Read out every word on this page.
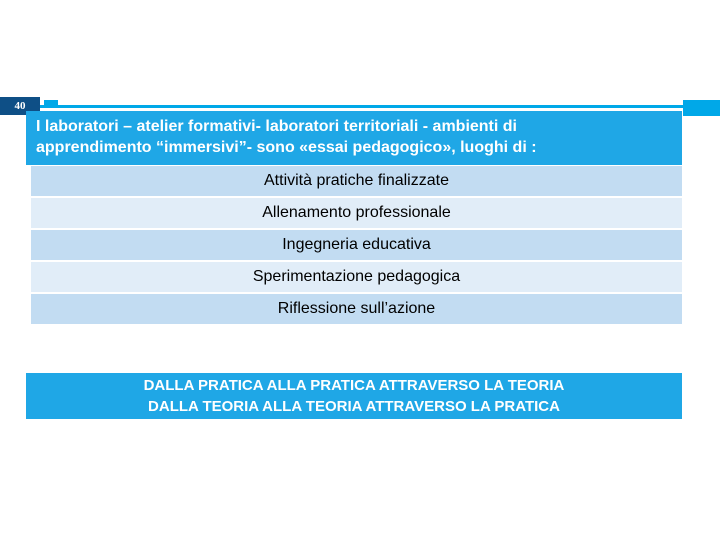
40
I laboratori – atelier formativi- laboratori territoriali - ambienti di
apprendimento “immersivi”- sono «essai pedagogico», luoghi di :
Attività pratiche finalizzate
Allenamento professionale
Ingegneria educativa
Sperimentazione pedagogica
Riflessione sull’azione
DALLA PRATICA ALLA PRATICA ATTRAVERSO LA TEORIA
DALLA TEORIA ALLA TEORIA ATTRAVERSO LA PRATICA
